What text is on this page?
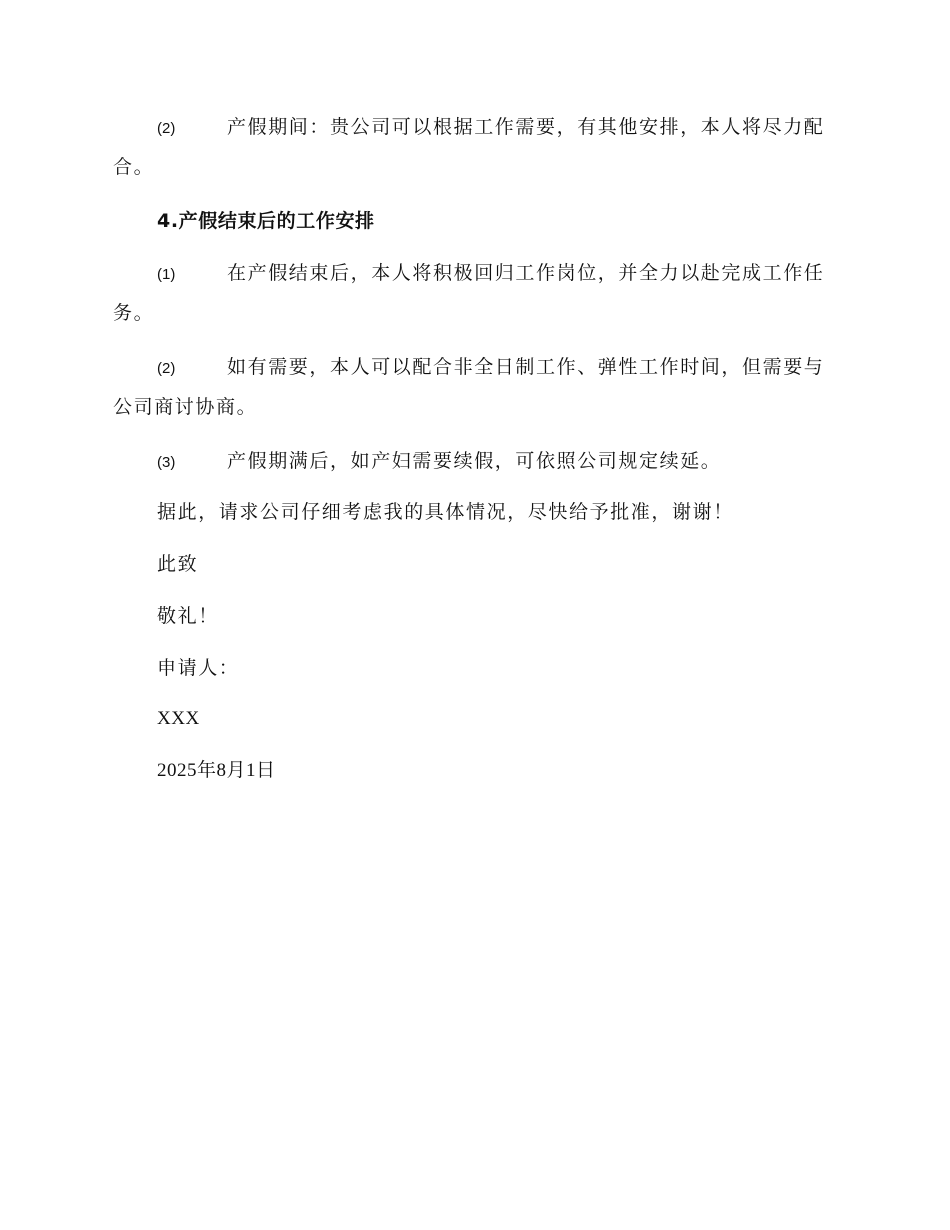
(2)	产假期间：贵公司可以根据工作需要，有其他安排，本人将尽力配合。

4.产假结束后的工作安排

(1)	在产假结束后，本人将积极回归工作岗位，并全力以赴完成工作任务。

(2)	如有需要，本人可以配合非全日制工作、弹性工作时间，但需要与公司商讨协商。

(3)	产假期满后，如产妇需要续假，可依照公司规定续延。

据此，请求公司仔细考虑我的具体情况，尽快给予批准，谢谢！
此致
敬礼！
申请人：
XXX
2025年8月1日
